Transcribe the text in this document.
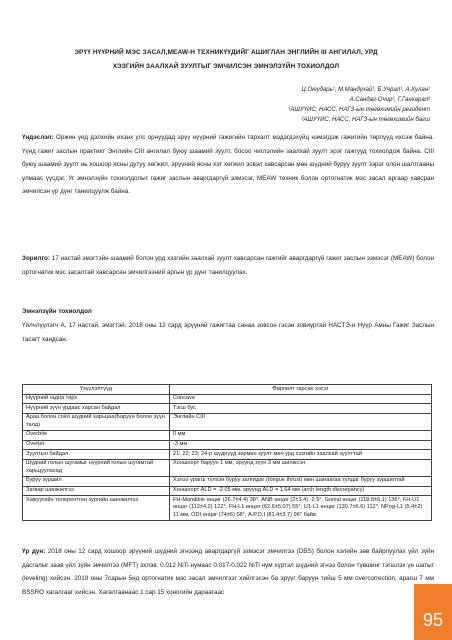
ЭРҮҮ НҮҮРНИЙ МЭС ЗАСАЛ,MEAW-Н ТЕХНИКҮҮДИЙГ АШИГЛАН ЭНГЛИЙН III АНГИЛАЛ, УРД
ХЭЗГИЙН ЗААЛХАЙ ЗУУЛТЫГ ЭМЧИЛСЭН ЭМНЭЛЗҮЙН ТОХИОЛДОЛ
Ц.Оюударь¹, М.Мандухай¹, Б.Учрал¹, А.Хулан¹
А.Сандаг-Очир², Г.Ганхарал²
¹АШУҮИС, НАСС, НАГЗ-ын төгөхимийн резидент
²АШУҮИС, НАСС, НАГЗ-ын төгөхимийн багш
Үндэслэл: Оржин үед дэлхийн ихэнх улс орнуудад эрүү нүүрний гажигийн тархалт мэдэгдэхүйц нэмэгдэж гажигийн төрлүүд ихсэж байна. Үүнд гажиг заслын практикт Энглийн CIII ангилал буюу шаамий зуулт, босоо чиглэлийн заалхай зуулт эрэг гажгууд тохиолдож байна. CIII буюу шаамий зуулт нь хошоор ясны дутуу хөгжил, эрүүний ясны хэт хөгжил эсвэл хавсарсан мөн шүдний буруу зуулт зэрэг олон шалтгааны улмаас үүсдэг. Уг эмнэлзүйн тохиолдолыг гажиг заслын аваргдаргүй эзмэсэг, MEAW техник болон ортогнатик мэс засал аргаар хавсран эмчилсэн үр дүнг танилцуулж байна.
Зорилго: 17 настай эмэгтэйн шаамий болон урд хэзгийн заалхай зуулт хавсарсан гажгийг аваргдаргүй гажиг заслын эзмэсэг (MEAW) болон ортогнатик мэс засалтай хавсарсан эмчилгээний аргын үр дүнг танилцуулах.
Эмнэлзүйн тохиолдол
Үйлчлүүлэгч А, 17 настай, эмэгтэй. 2018 оны 12 сард эрүүний гажигтаа санаа зовсон гэсэн зовиуртай НАСТЭ-н Нүүр Амны Гажиг Заслын тасагт хандсан.
Үзүүлэлтүүд	Өөрлөлт гарсан хэсэг
Нүүрний гадна төрх	Concave
Нүүрний зүүн урдаас харсан байдал	Тэгш бус
Араа болон соёо шүдний харьцаа(Баруун болон зүүн талд)	Энглийн CIII
Overbite	0 мм
Overjet	-3 мм
Зуултын байдал	21; 22; 23; 24-р шүднүүд зөрмөн зуулт мөн урд хэзгийн заалхай зуулттай
Шүдний голын шугамыг нүүрний голын шугамтай харьцуулахад	Хоншоорт баруун 1 мм, эрүүнд зүүн 3 мм шилжсэн
Буруу зуршил	Хэлээ урагш түлхэн буруу залгидаг (tongue thrust) мөн шанаагаа тулдаг буруу зуршилтай
Загвар шинжилгээ	Хоншоорт ALD = -2.05 мм, эрүүнд ALD = 1.64 мм (arch length discrepancy)
Хажуугийн телерентген зургийн шинжилгээ	FH-Mandible өнцөг (26.7±4.4) 38°, ANB өнцөг (2±1.4) -2.5°, Gonial өнцөг (118.8±6.1) 136°, FH-U1 өнцөг (112±4.2) 122°, FH-L1 өнцөг (62.6±5.07) 55°, U1-L1 өнцөг (130.7±6.6) 112°, NPog-L1 (5.4±2) 11 мм, ODI өнцөг (74±6) 58°, A.P.D.I (81.4±3.7) 96° байв.
Үр дүн: 2018 оны 12 сард хошоор эрүүний шүдний эгнээнд аваргдаргүй эзмэсэг эмчилгээ (DBS) болон хэлийн зөв байрлуулах үйл зүйн дасгалыг заав үйл зүйн эмчилгээ (MFT) эхлэв. 0.012 NiTi нумаас 0.017-0.022 NiTi нум хүртэл шүдний эгнээ болон түвшинг тэгшлэх үе шатыг (leveling) хийсэн. 2019 оны 7сарын 5нд ортогнатик мэс засал эмчилгээг хийлгэсэн ба эрүүг баруун тийш 5 мм overcorrection, арагш 7 мм BSSRO хагалгааг хийсэн. Хагалгаанаас 1 сар 15 хоногийн дараагаас
95
